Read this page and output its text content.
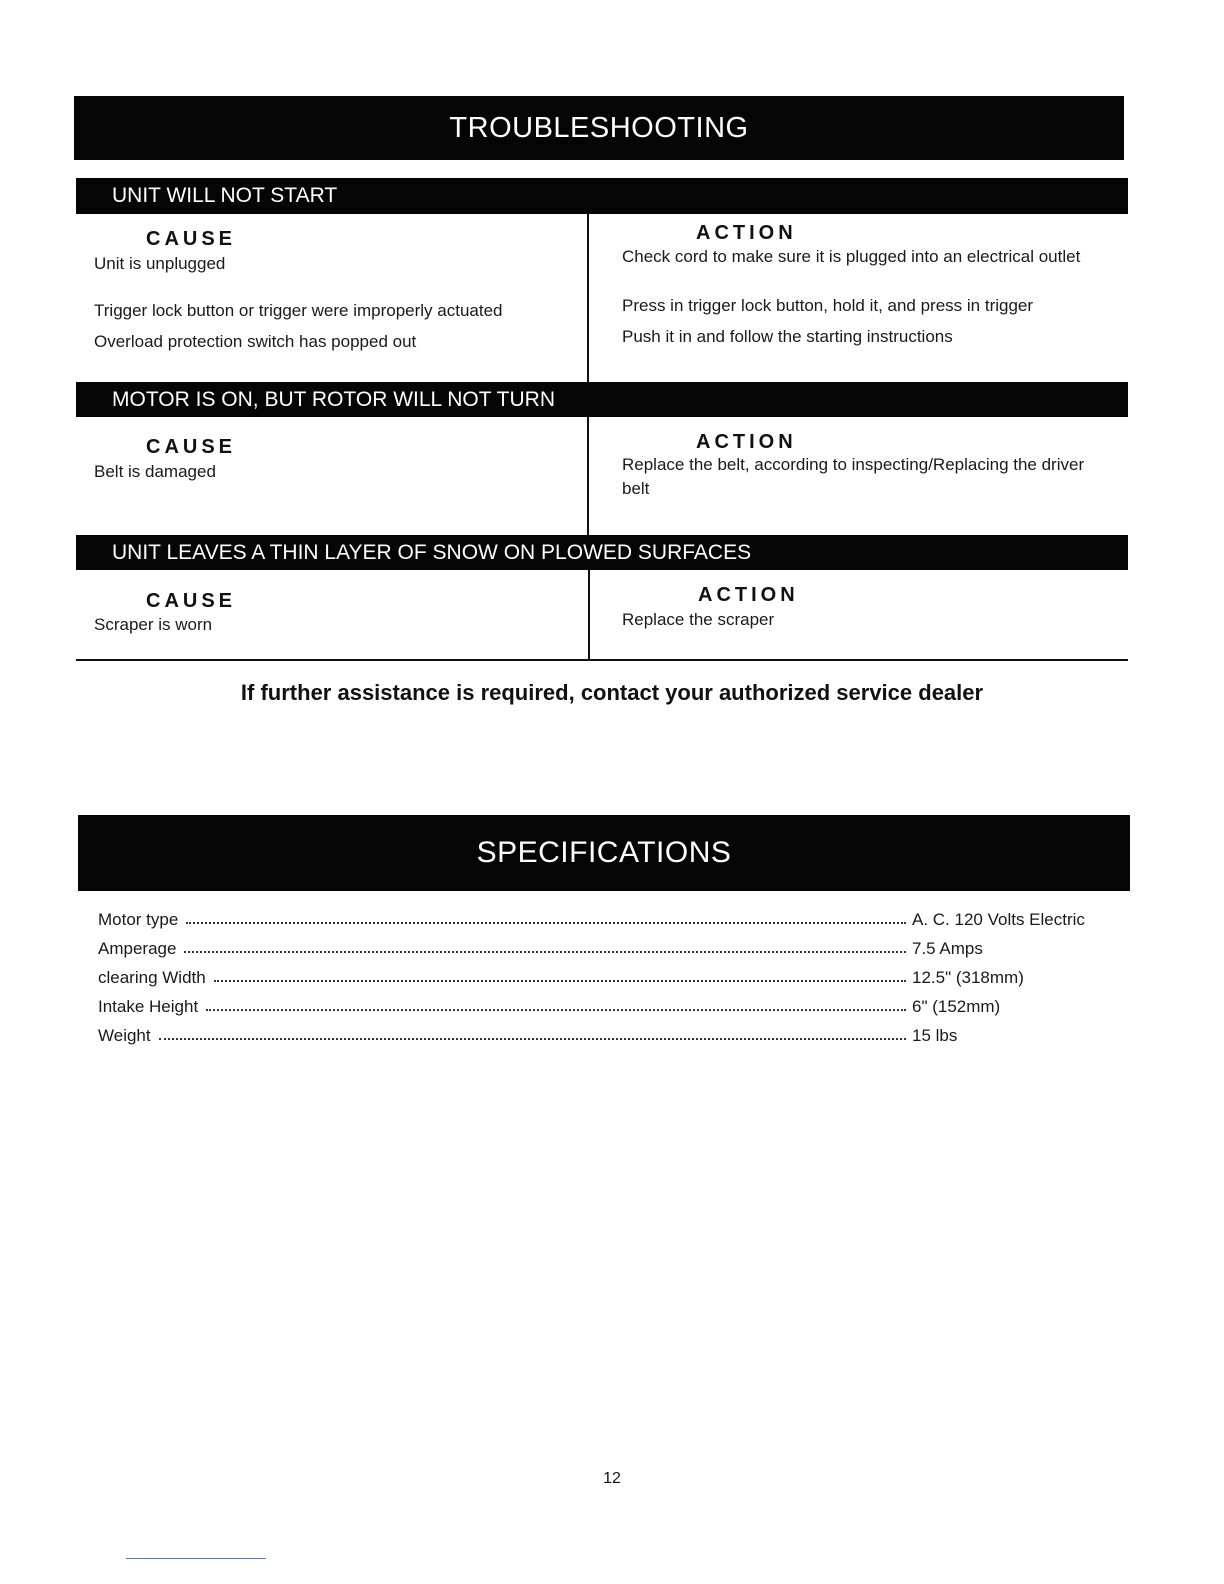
TROUBLESHOOTING
UNIT WILL NOT START
CAUSE	ACTION
Unit is unplugged	Check cord to make sure it is plugged into an electrical outlet
Trigger lock button or trigger were improperly actuated	Press in trigger lock button, hold it, and press in trigger
Overload protection switch has popped out	Push it in and follow the starting instructions
MOTOR IS ON, BUT ROTOR WILL NOT TURN
CAUSE	ACTION
Belt is damaged	Replace the belt, according to inspecting/Replacing the driver belt
UNIT LEAVES A THIN LAYER OF SNOW ON PLOWED SURFACES
CAUSE	ACTION
Scraper is worn	Replace the scraper
If further assistance is required, contact your authorized service dealer
SPECIFICATIONS
Motor type	A. C. 120 Volts Electric
Amperage	7.5 Amps
clearing Width	12.5" (318mm)
Intake Height	6" (152mm)
Weight	15 lbs
12
